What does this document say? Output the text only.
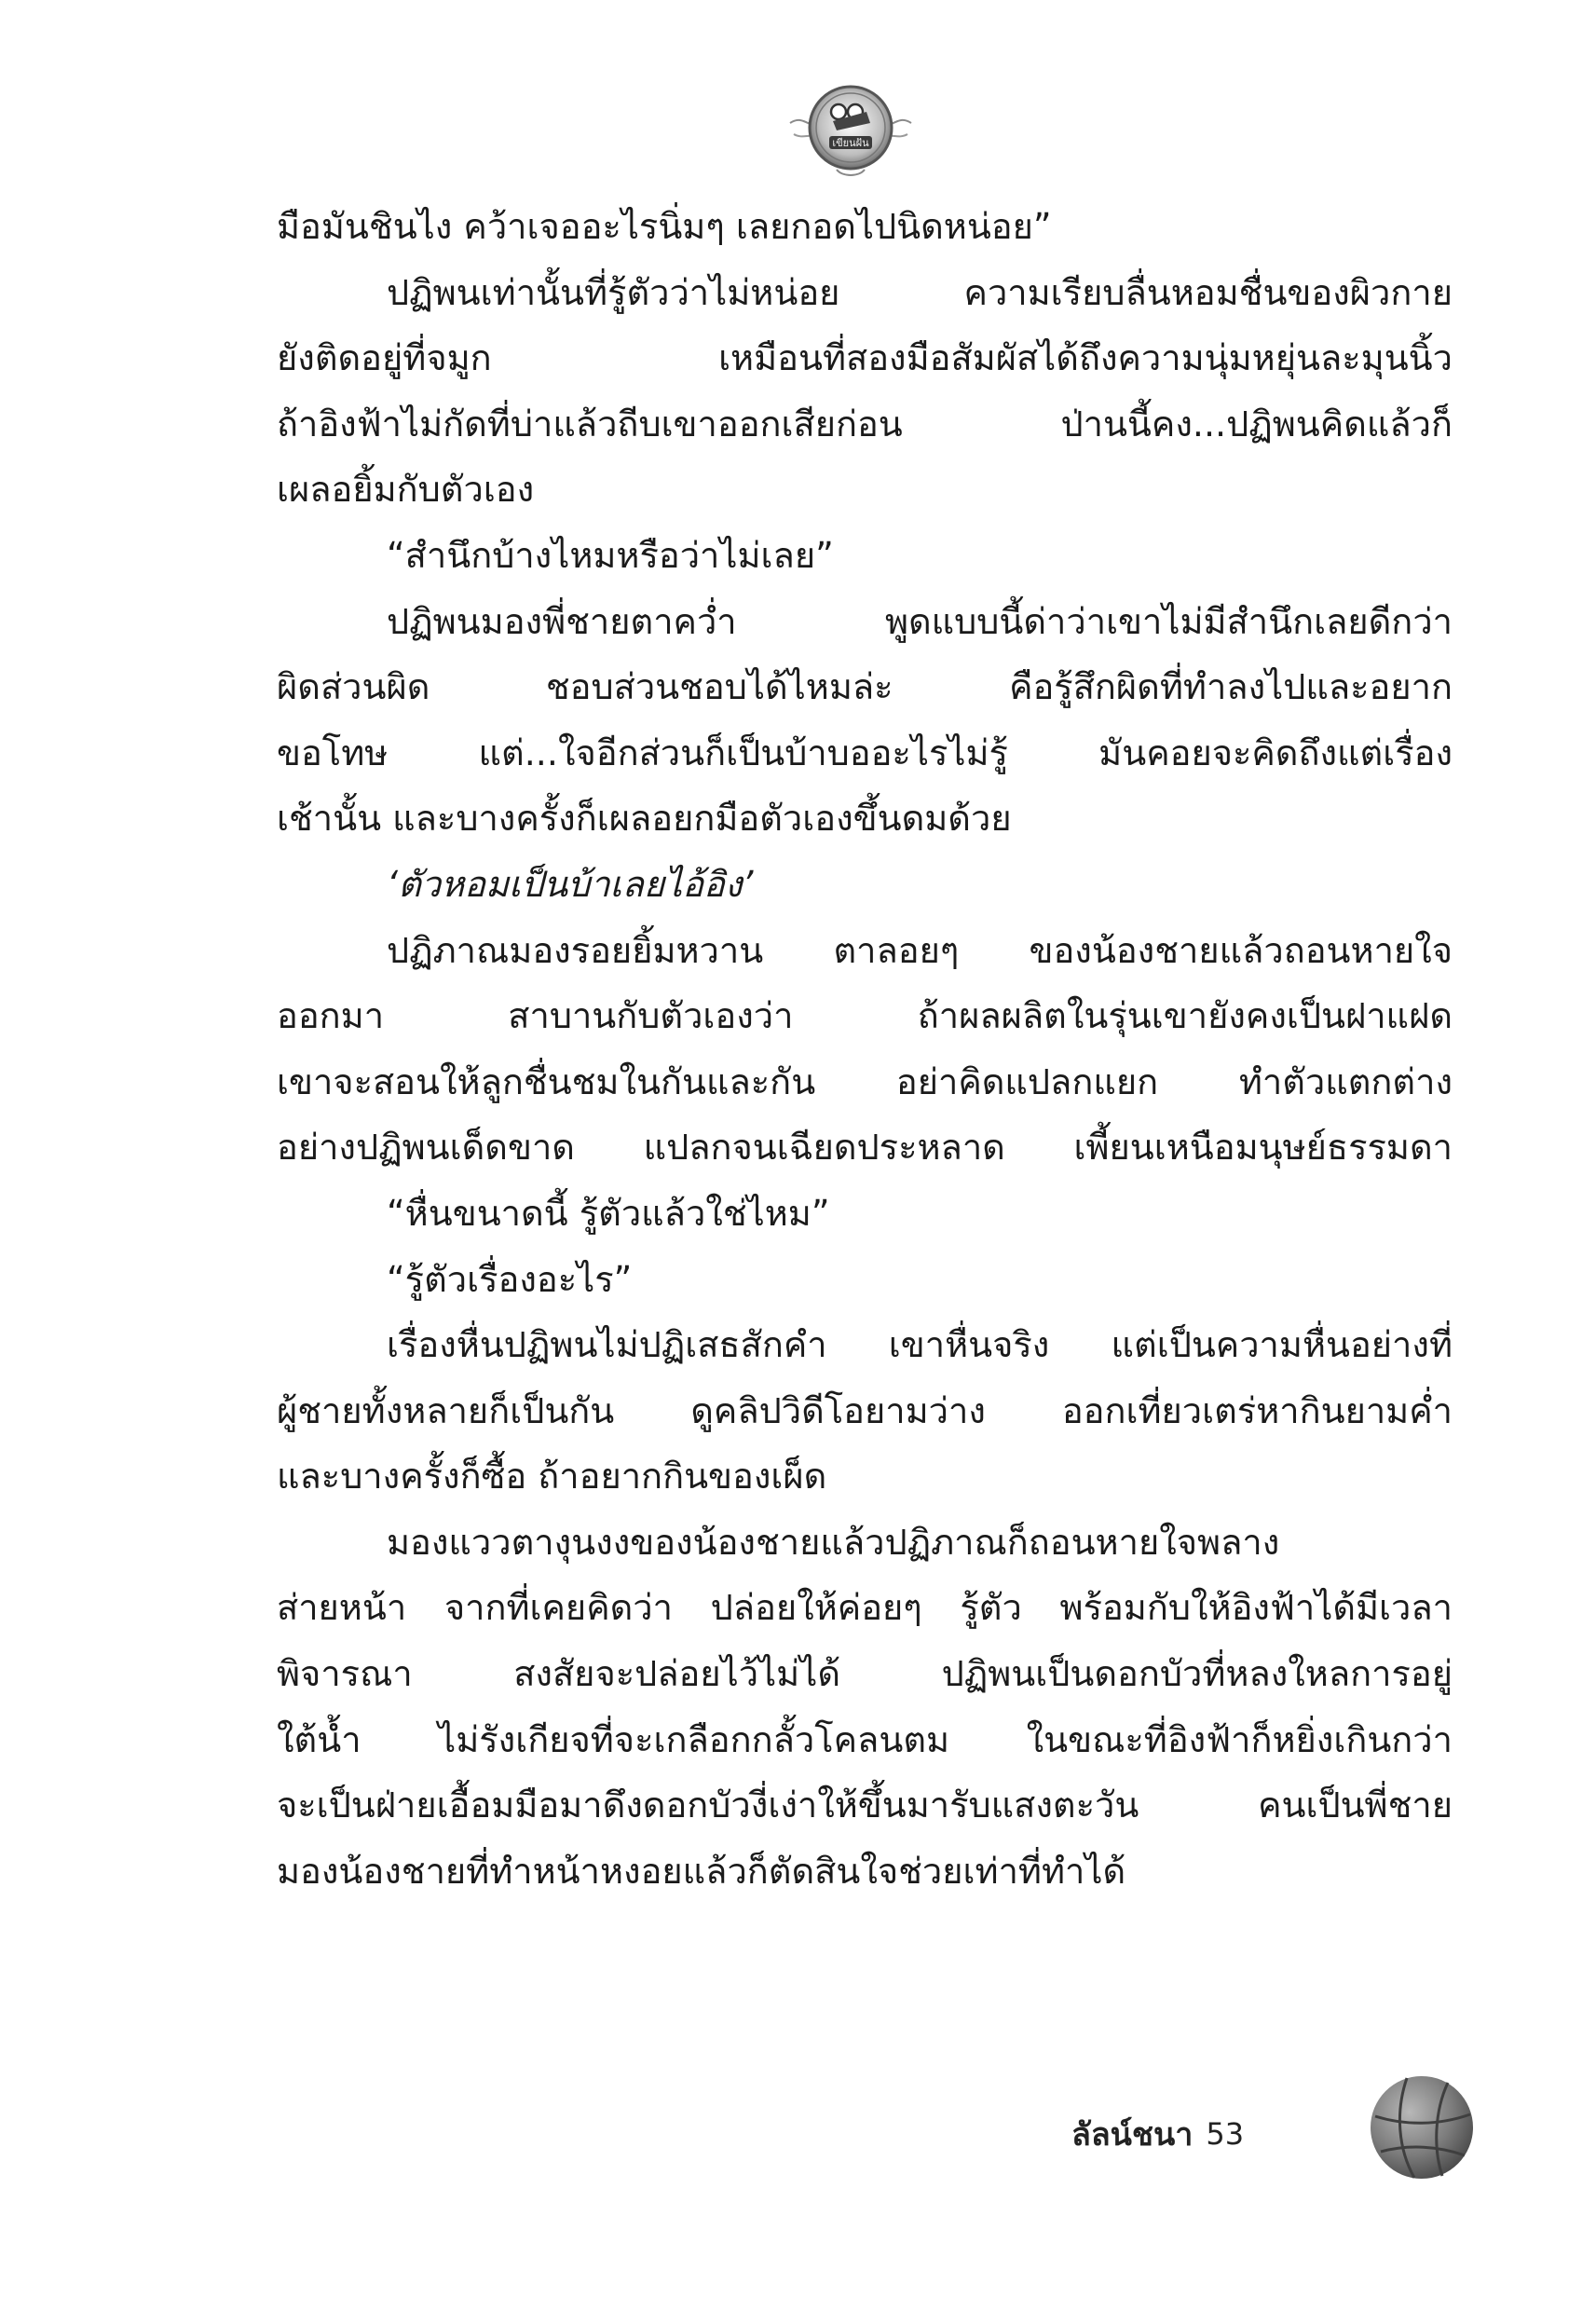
เขียนฝัน
มือมันชินไง คว้าเจออะไรนิ่มๆ เลยกอดไปนิดหน่อย”
ปฏิพนเท่านั้นที่รู้ตัวว่าไม่หน่อย ความเรียบลื่นหอมชื่นของผิวกาย
ยังติดอยู่ที่จมูก เหมือนที่สองมือสัมผัสได้ถึงความนุ่มหยุ่นละมุนนิ้ว
ถ้าอิงฟ้าไม่กัดที่บ่าแล้วถีบเขาออกเสียก่อน ป่านนี้คง...ปฏิพนคิดแล้วก็
เผลอยิ้มกับตัวเอง
“สำนึกบ้างไหมหรือว่าไม่เลย”
ปฏิพนมองพี่ชายตาคว่ำ พูดแบบนี้ด่าว่าเขาไม่มีสำนึกเลยดีกว่า
ผิดส่วนผิด ชอบส่วนชอบได้ไหมล่ะ คือรู้สึกผิดที่ทำลงไปและอยาก
ขอโทษ แต่...ใจอีกส่วนก็เป็นบ้าบออะไรไม่รู้ มันคอยจะคิดถึงแต่เรื่อง
เช้านั้น และบางครั้งก็เผลอยกมือตัวเองขึ้นดมด้วย
‘ตัวหอมเป็นบ้าเลยไอ้อิง’
ปฏิภาณมองรอยยิ้มหวาน ตาลอยๆ ของน้องชายแล้วถอนหายใจ
ออกมา สาบานกับตัวเองว่า ถ้าผลผลิตในรุ่นเขายังคงเป็นฝาแฝด
เขาจะสอนให้ลูกชื่นชมในกันและกัน อย่าคิดแปลกแยก ทำตัวแตกต่าง
อย่างปฏิพนเด็ดขาด แปลกจนเฉียดประหลาด เพี้ยนเหนือมนุษย์ธรรมดา
“หื่นขนาดนี้ รู้ตัวแล้วใช่ไหม”
“รู้ตัวเรื่องอะไร”
เรื่องหื่นปฏิพนไม่ปฏิเสธสักคำ เขาหื่นจริง แต่เป็นความหื่นอย่างที่
ผู้ชายทั้งหลายก็เป็นกัน ดูคลิปวิดีโอยามว่าง ออกเที่ยวเตร่หากินยามค่ำ
และบางครั้งก็ซื้อ ถ้าอยากกินของเผ็ด
มองแววตางุนงงของน้องชายแล้วปฏิภาณก็ถอนหายใจพลาง
ส่ายหน้า จากที่เคยคิดว่า ปล่อยให้ค่อยๆ รู้ตัว พร้อมกับให้อิงฟ้าได้มีเวลา
พิจารณา สงสัยจะปล่อยไว้ไม่ได้ ปฏิพนเป็นดอกบัวที่หลงใหลการอยู่
ใต้น้ำ ไม่รังเกียจที่จะเกลือกกลั้วโคลนตม ในขณะที่อิงฟ้าก็หยิ่งเกินกว่า
จะเป็นฝ่ายเอื้อมมือมาดึงดอกบัวงี่เง่าให้ขึ้นมารับแสงตะวัน คนเป็นพี่ชาย
มองน้องชายที่ทำหน้าหงอยแล้วก็ตัดสินใจช่วยเท่าที่ทำได้
ลัลน์ชนา 53
